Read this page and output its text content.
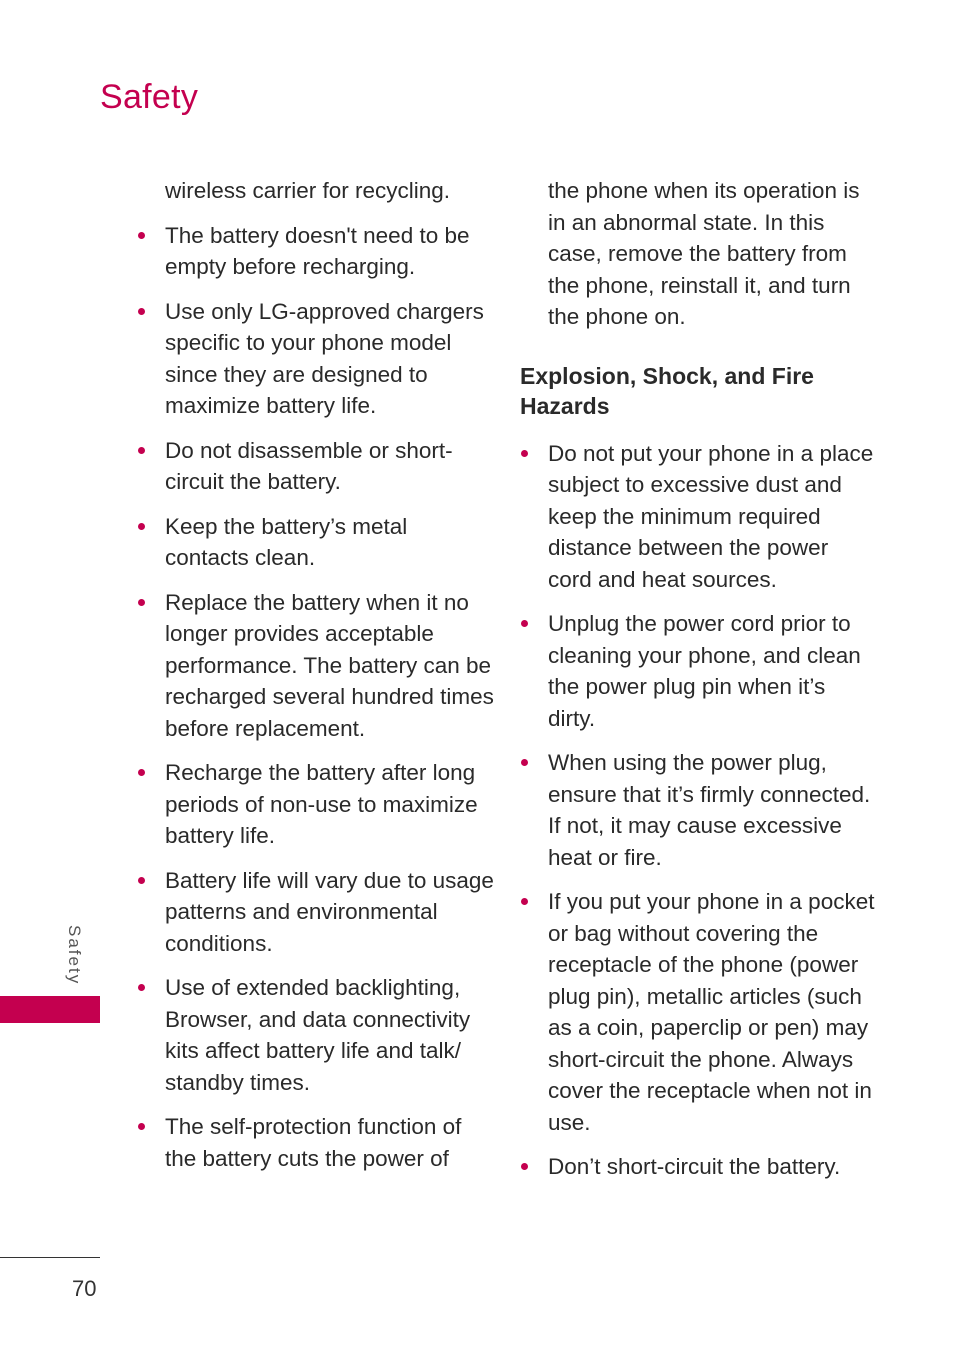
Safety

wireless carrier for recycling.

The battery doesn't need to be empty before recharging.
Use only LG-approved chargers specific to your phone model since they are designed to maximize battery life.
Do not disassemble or short-circuit the battery.
Keep the battery’s metal contacts clean.
Replace the battery when it no longer provides acceptable performance. The battery can be recharged several hundred times before replacement.
Recharge the battery after long periods of non-use to maximize battery life.
Battery life will vary due to usage patterns and environmental conditions.
Use of extended backlighting, Browser, and data connectivity kits affect battery life and talk/ standby times.
The self-protection function of the battery cuts the power of

the phone when its operation is in an abnormal state. In this case, remove the battery from the phone, reinstall it, and turn the phone on.

Explosion, Shock, and Fire Hazards
Do not put your phone in a place subject to excessive dust and keep the minimum required distance between the power cord and heat sources.
Unplug the power cord prior to cleaning your phone, and clean the power plug pin when it’s dirty.
When using the power plug, ensure that it’s firmly connected. If not, it may cause excessive heat or fire.
If you put your phone in a pocket or bag without covering the receptacle of the phone (power plug pin), metallic articles (such as a coin, paperclip or pen) may short-circuit the phone. Always cover the receptacle when not in use.
Don’t short-circuit the battery.
Safety
70
